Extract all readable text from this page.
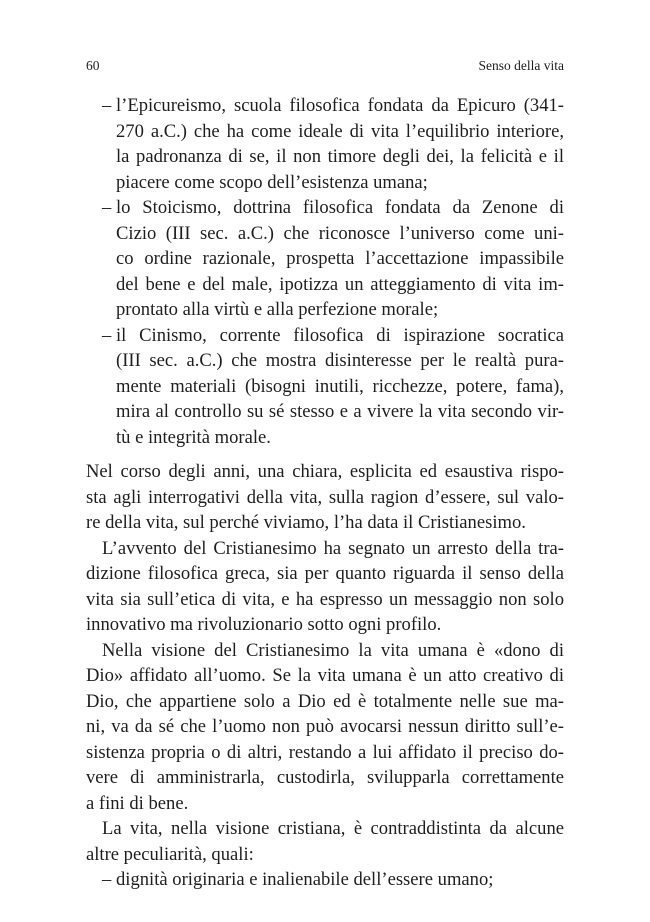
60	Senso della vita
– l’Epicureismo, scuola filosofica fondata da Epicuro (341-
270 a.C.) che ha come ideale di vita l’equilibrio interiore,
la padronanza di se, il non timore degli dei, la felicità e il
piacere come scopo dell’esistenza umana;
– lo Stoicismo, dottrina filosofica fondata da Zenone di
Cizio (III sec. a.C.) che riconosce l’universo come uni-
co ordine razionale, prospetta l’accettazione impassibile
del bene e del male, ipotizza un atteggiamento di vita im-
prontato alla virtù e alla perfezione morale;
– il Cinismo, corrente filosofica di ispirazione socratica
(III sec. a.C.) che mostra disinteresse per le realtà pura-
mente materiali (bisogni inutili, ricchezze, potere, fama),
mira al controllo su sé stesso e a vivere la vita secondo vir-
tù e integrità morale.
Nel corso degli anni, una chiara, esplicita ed esaustiva rispo-
sta agli interrogativi della vita, sulla ragion d’essere, sul valo-
re della vita, sul perché viviamo, l’ha data il Cristianesimo.
L’avvento del Cristianesimo ha segnato un arresto della tra-
dizione filosofica greca, sia per quanto riguarda il senso della
vita sia sull’etica di vita, e ha espresso un messaggio non solo
innovativo ma rivoluzionario sotto ogni profilo.
Nella visione del Cristianesimo la vita umana è «dono di
Dio» affidato all’uomo. Se la vita umana è un atto creativo di
Dio, che appartiene solo a Dio ed è totalmente nelle sue ma-
ni, va da sé che l’uomo non può avocarsi nessun diritto sull’e-
sistenza propria o di altri, restando a lui affidato il preciso do-
vere di amministrarla, custodirla, svilupparla correttamente
a fini di bene.
La vita, nella visione cristiana, è contraddistinta da alcune
altre peculiarità, quali:
– dignità originaria e inalienabile dell’essere umano;
